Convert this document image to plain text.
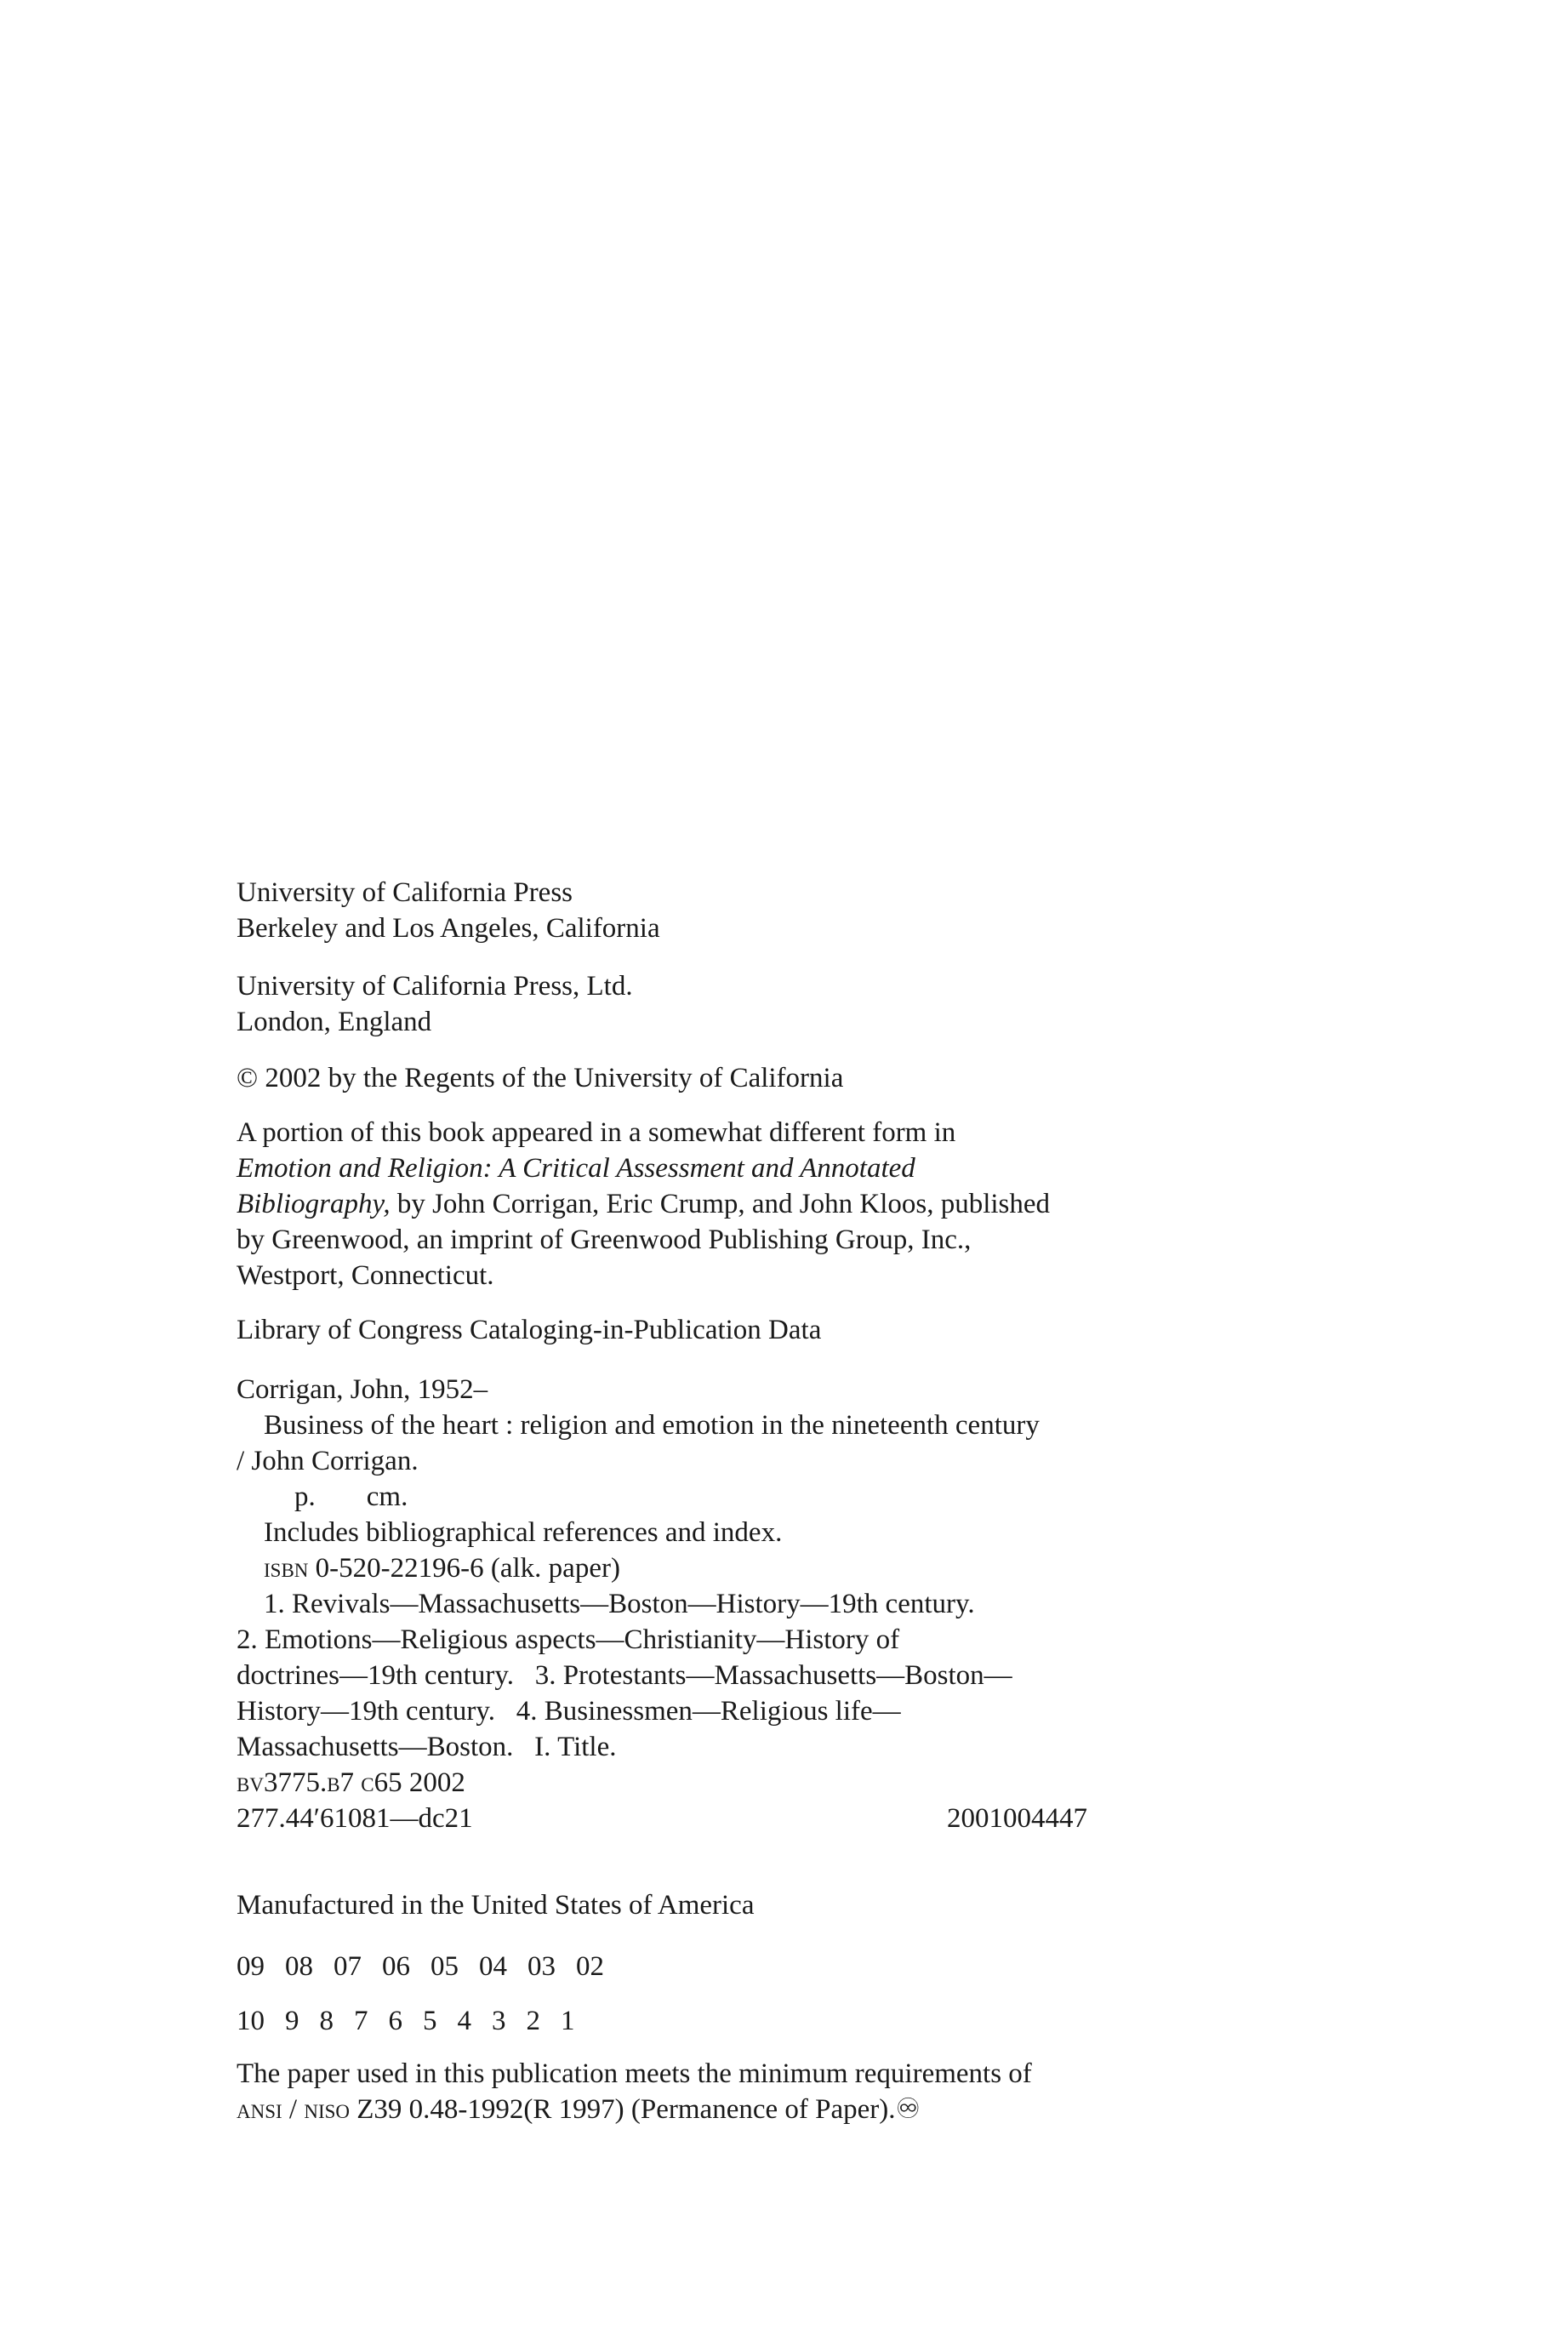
University of California Press
Berkeley and Los Angeles, California
University of California Press, Ltd.
London, England
© 2002 by the Regents of the University of California
A portion of this book appeared in a somewhat different form in
Emotion and Religion: A Critical Assessment and Annotated
Bibliography, by John Corrigan, Eric Crump, and John Kloos, published
by Greenwood, an imprint of Greenwood Publishing Group, Inc.,
Westport, Connecticut.
Library of Congress Cataloging-in-Publication Data
Corrigan, John, 1952–
Business of the heart : religion and emotion in the nineteenth century
/ John Corrigan.
p. cm.
Includes bibliographical references and index.
isbn 0-520-22196-6 (alk. paper)
1. Revivals—Massachusetts—Boston—History—19th century.
2. Emotions—Religious aspects—Christianity—History of
doctrines—19th century. 3. Protestants—Massachusetts—Boston—
History—19th century. 4. Businessmen—Religious life—
Massachusetts—Boston. I. Title.
bv3775.b7 c65 2002
277.44′61081—dc21	2001004447
Manufactured in the United States of America
09 08 07 06 05 04 03 02
10 9 8 7 6 5 4 3 2 1
The paper used in this publication meets the minimum requirements of
ansi / niso Z39 0.48-1992(R 1997) (Permanence of Paper).♾
